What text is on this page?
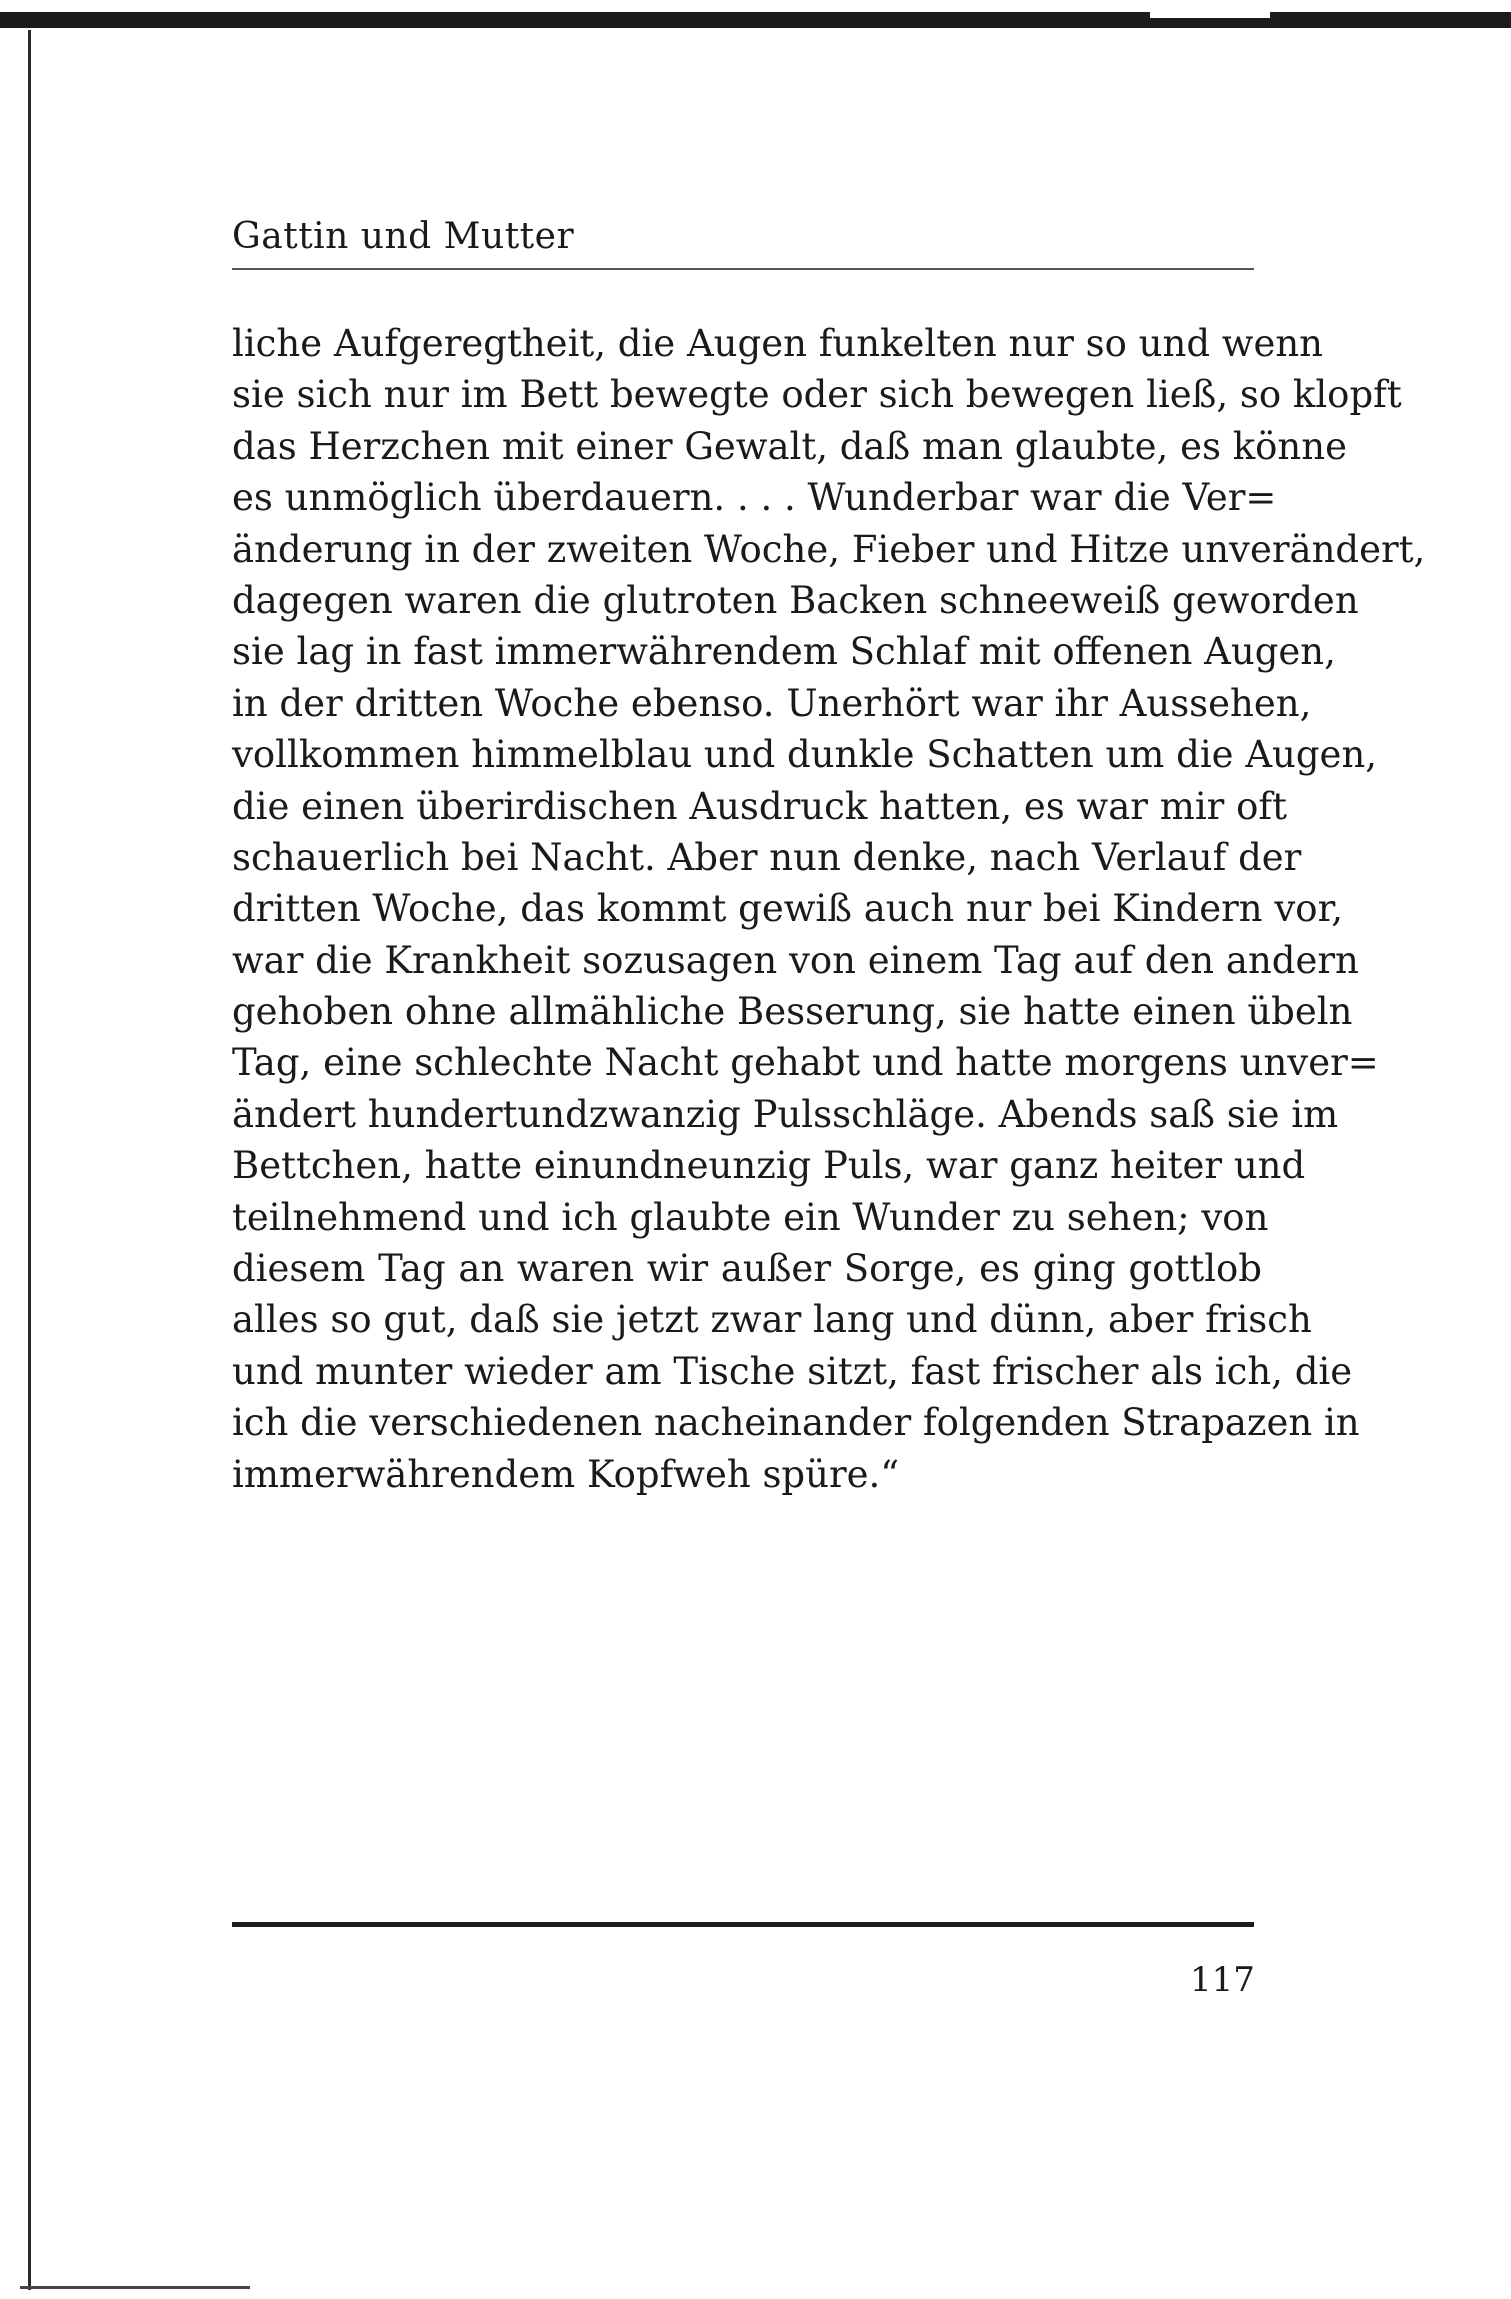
Gattin und Mutter
liche Aufgeregtheit, die Augen funkelten nur so und wenn
sie sich nur im Bett bewegte oder sich bewegen ließ, so klopft
das Herzchen mit einer Gewalt, daß man glaubte, es könne
es unmöglich überdauern. . . . Wunderbar war die Ver=
änderung in der zweiten Woche, Fieber und Hitze unverändert,
dagegen waren die glutroten Backen schneeweiß geworden
sie lag in fast immerwährendem Schlaf mit offenen Augen,
in der dritten Woche ebenso. Unerhört war ihr Aussehen,
vollkommen himmelblau und dunkle Schatten um die Augen,
die einen überirdischen Ausdruck hatten, es war mir oft
schauerlich bei Nacht. Aber nun denke, nach Verlauf der
dritten Woche, das kommt gewiß auch nur bei Kindern vor,
war die Krankheit sozusagen von einem Tag auf den andern
gehoben ohne allmähliche Besserung, sie hatte einen übeln
Tag, eine schlechte Nacht gehabt und hatte morgens unver=
ändert hundertundzwanzig Pulsschläge. Abends saß sie im
Bettchen, hatte einundneunzig Puls, war ganz heiter und
teilnehmend und ich glaubte ein Wunder zu sehen; von
diesem Tag an waren wir außer Sorge, es ging gottlob
alles so gut, daß sie jetzt zwar lang und dünn, aber frisch
und munter wieder am Tische sitzt, fast frischer als ich, die
ich die verschiedenen nacheinander folgenden Strapazen in
immerwährendem Kopfweh spüre.“
117
